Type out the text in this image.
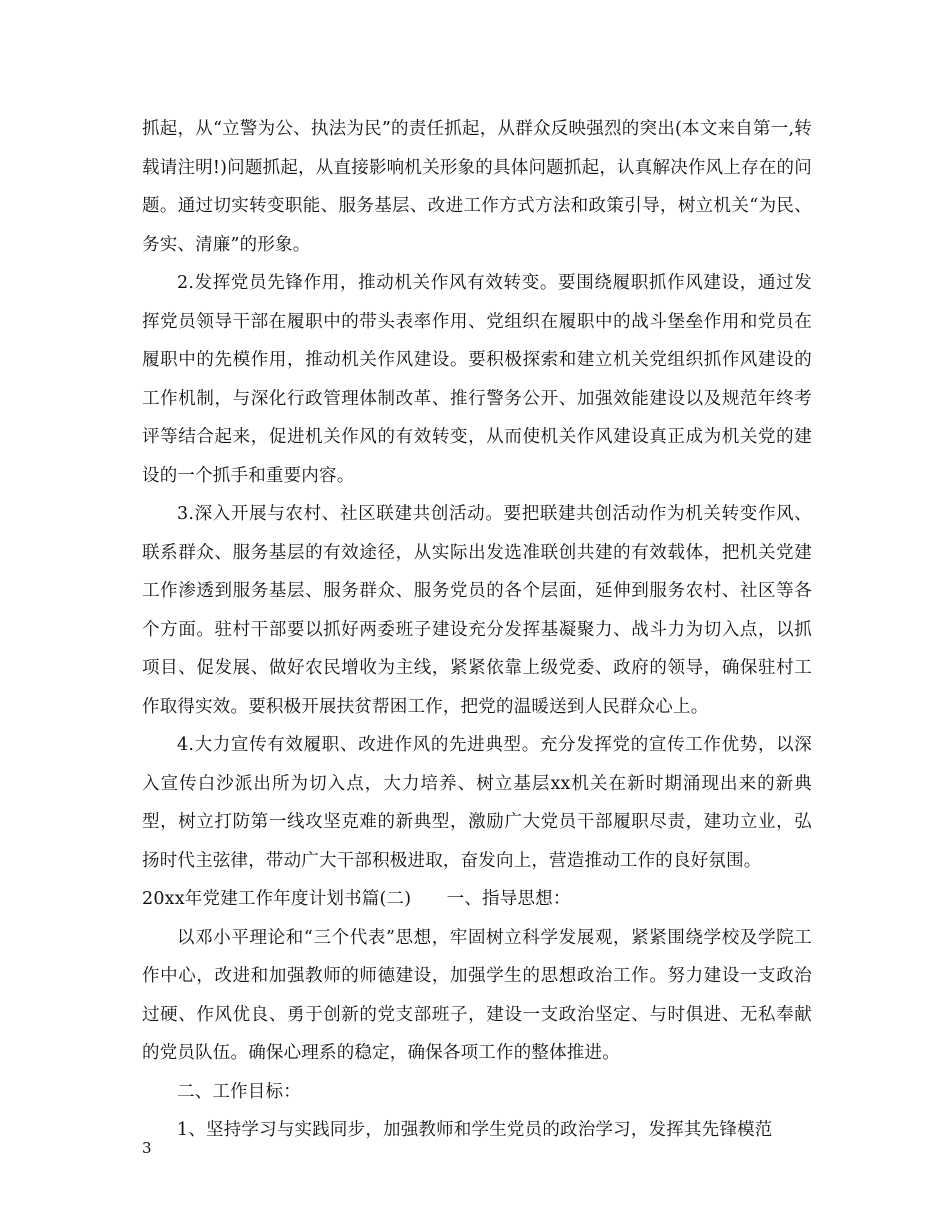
抓起，从“立警为公、执法为民”的责任抓起，从群众反映强烈的突出(本文来自第一,转载请注明!)问题抓起，从直接影响机关形象的具体问题抓起，认真解决作风上存在的问题。通过切实转变职能、服务基层、改进工作方式方法和政策引导，树立机关“为民、务实、清廉”的形象。

2.发挥党员先锋作用，推动机关作风有效转变。要围绕履职抓作风建设，通过发挥党员领导干部在履职中的带头表率作用、党组织在履职中的战斗堡垒作用和党员在履职中的先模作用，推动机关作风建设。要积极探索和建立机关党组织抓作风建设的工作机制，与深化行政管理体制改革、推行警务公开、加强效能建设以及规范年终考评等结合起来，促进机关作风的有效转变，从而使机关作风建设真正成为机关党的建设的一个抓手和重要内容。

3.深入开展与农村、社区联建共创活动。要把联建共创活动作为机关转变作风、联系群众、服务基层的有效途径，从实际出发选准联创共建的有效载体，把机关党建工作渗透到服务基层、服务群众、服务党员的各个层面，延伸到服务农村、社区等各个方面。驻村干部要以抓好两委班子建设充分发挥基凝聚力、战斗力为切入点，以抓项目、促发展、做好农民增收为主线，紧紧依靠上级党委、政府的领导，确保驻村工作取得实效。要积极开展扶贫帮困工作，把党的温暖送到人民群众心上。

4.大力宣传有效履职、改进作风的先进典型。充分发挥党的宣传工作优势，以深入宣传白沙派出所为切入点，大力培养、树立基层xx机关在新时期涌现出来的新典型，树立打防第一线攻坚克难的新典型，激励广大党员干部履职尽责，建功立业，弘扬时代主弦律，带动广大干部积极进取，奋发向上，营造推动工作的良好氛围。

20xx年党建工作年度计划书篇(二)　　一、指导思想：

以邓小平理论和“三个代表”思想，牢固树立科学发展观，紧紧围绕学校及学院工作中心，改进和加强教师的师德建设，加强学生的思想政治工作。努力建设一支政治过硬、作风优良、勇于创新的党支部班子，建设一支政治坚定、与时俱进、无私奉献的党员队伍。确保心理系的稳定，确保各项工作的整体推进。

二、工作目标：

1、坚持学习与实践同步，加强教师和学生党员的政治学习，发挥其先锋模范

3
